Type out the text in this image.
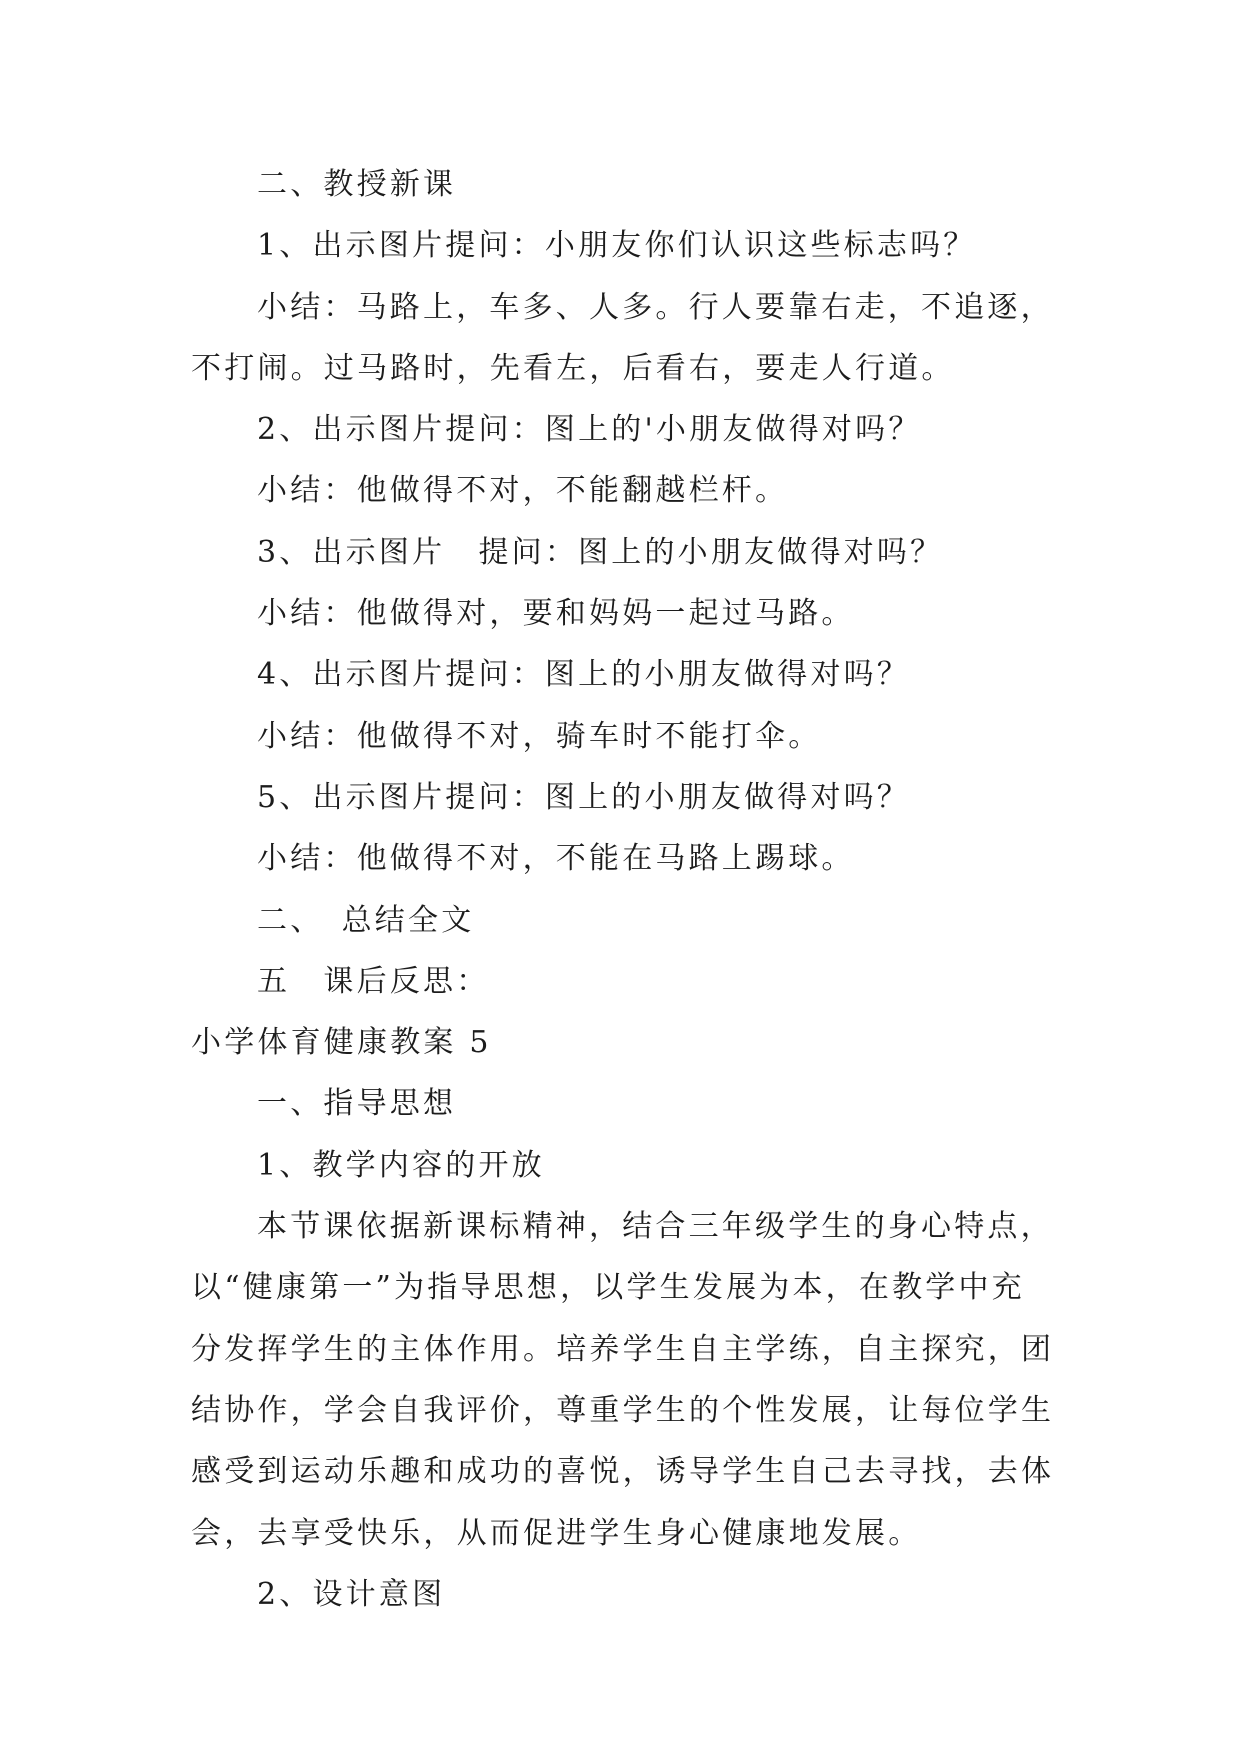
二、教授新课
1、出示图片提问：小朋友你们认识这些标志吗？
小结：马路上，车多、人多。行人要靠右走，不追逐，
不打闹。过马路时，先看左，后看右，要走人行道。
2、出示图片提问：图上的'小朋友做得对吗？
小结：他做得不对，不能翻越栏杆。
3、出示图片　提问：图上的小朋友做得对吗？
小结：他做得对，要和妈妈一起过马路。
4、出示图片提问：图上的小朋友做得对吗？
小结：他做得不对，骑车时不能打伞。
5、出示图片提问：图上的小朋友做得对吗？
小结：他做得不对，不能在马路上踢球。
二、　总结全文
五　课后反思：
小学体育健康教案 5
一、指导思想
1、教学内容的开放
本节课依据新课标精神，结合三年级学生的身心特点，
以“健康第一”为指导思想，以学生发展为本，在教学中充
分发挥学生的主体作用。培养学生自主学练，自主探究，团
结协作，学会自我评价，尊重学生的个性发展，让每位学生
感受到运动乐趣和成功的喜悦，诱导学生自己去寻找，去体
会，去享受快乐，从而促进学生身心健康地发展。
2、设计意图
